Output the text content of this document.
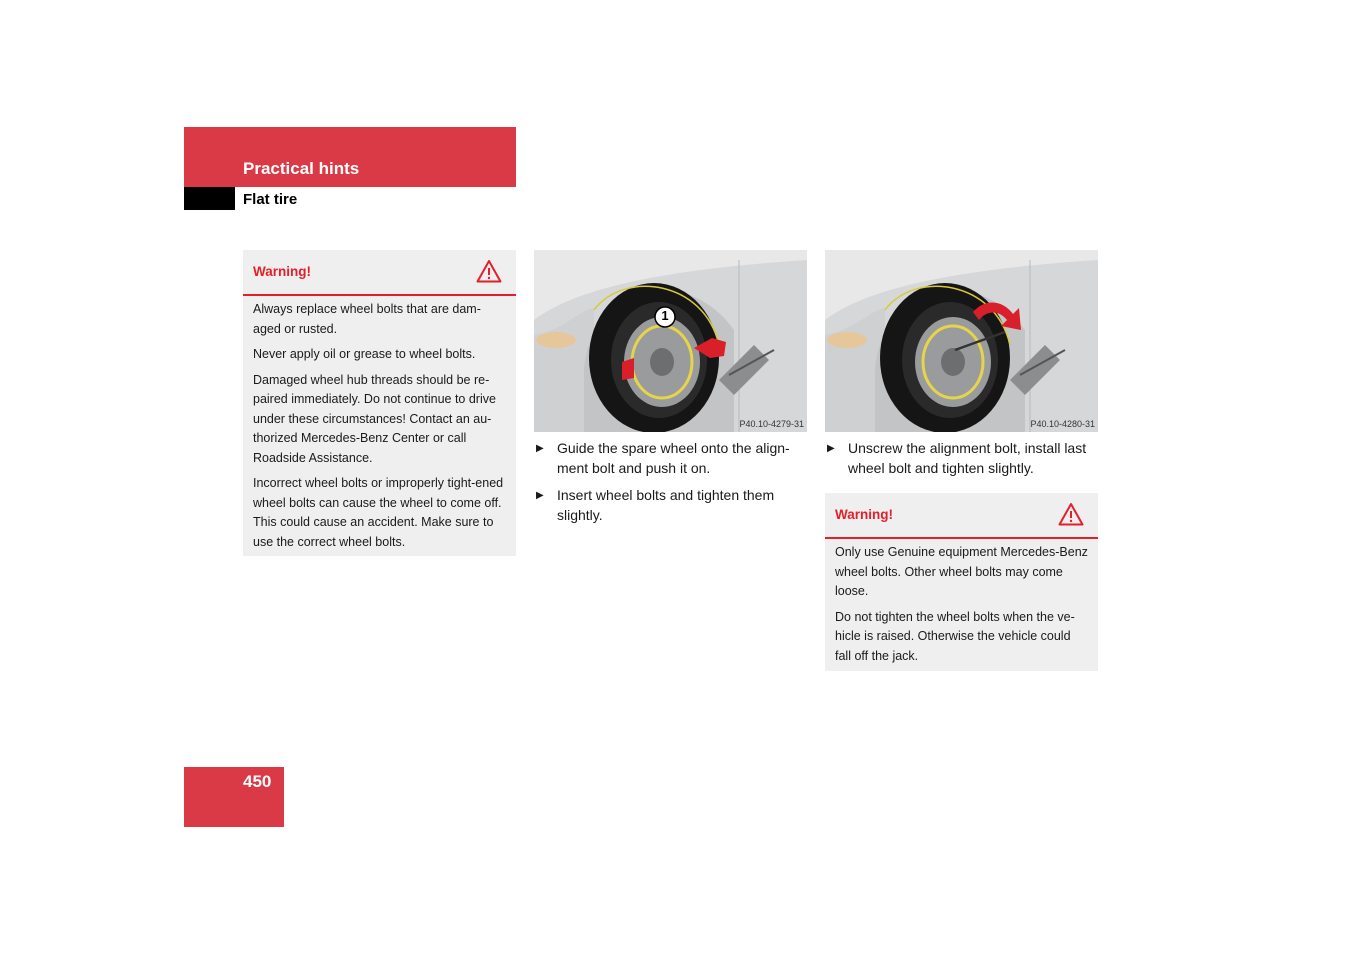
Practical hints
Flat tire
Warning!

Always replace wheel bolts that are dam-aged or rusted.

Never apply oil or grease to wheel bolts.

Damaged wheel hub threads should be re-paired immediately. Do not continue to drive under these circumstances! Contact an au-thorized Mercedes-Benz Center or call Roadside Assistance.

Incorrect wheel bolts or improperly tight-ened wheel bolts can cause the wheel to come off. This could cause an accident. Make sure to use the correct wheel bolts.

1
P40.10-4279-31	P40.10-4280-31
▶ Guide the spare wheel onto the align-ment bolt and push it on.
▶ Insert wheel bolts and tighten them slightly.
▶ Unscrew the alignment bolt, install last wheel bolt and tighten slightly.
Warning!

Only use Genuine equipment Mercedes-Benz wheel bolts. Other wheel bolts may come loose.

Do not tighten the wheel bolts when the ve-hicle is raised. Otherwise the vehicle could fall off the jack.

450
